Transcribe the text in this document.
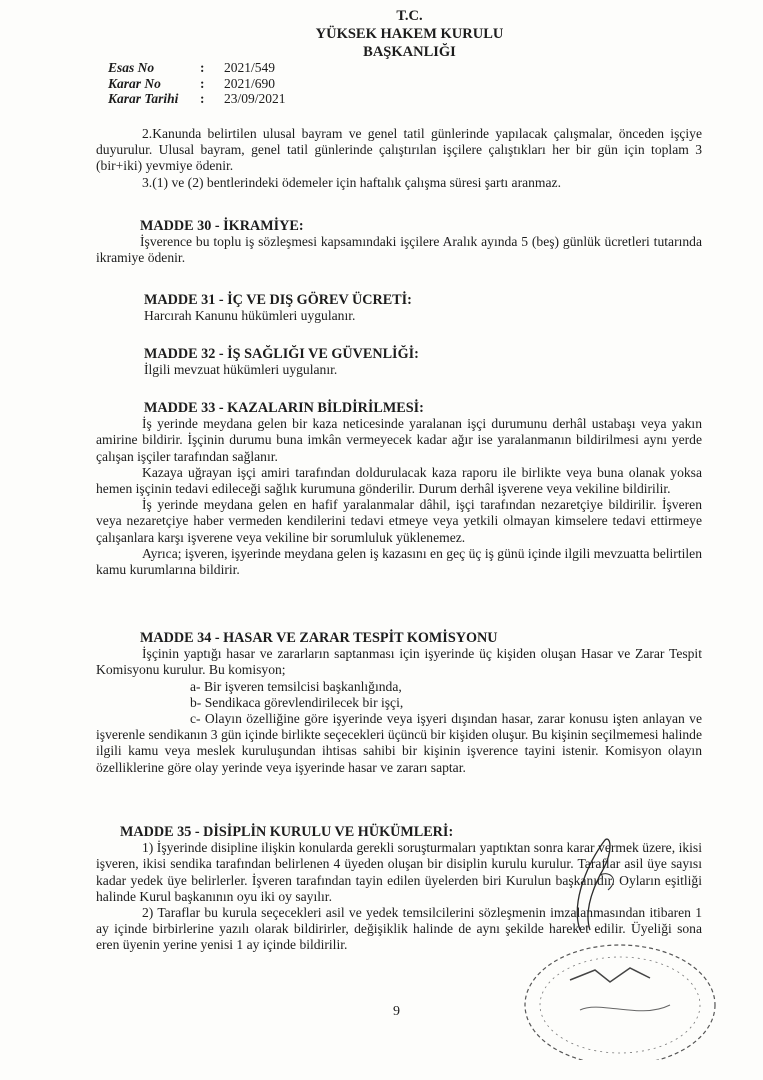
T.C.
YÜKSEK HAKEM KURULU
BAŞKANLIĞI
Esas No	:	2021/549
Karar No	:	2021/690
Karar Tarihi	:	23/09/2021

2.Kanunda belirtilen ulusal bayram ve genel tatil günlerinde yapılacak çalışmalar, önceden işçiye duyurulur. Ulusal bayram, genel tatil günlerinde çalıştırılan işçilere çalıştıkları her bir gün için toplam 3 (bir+iki) yevmiye ödenir.

3.(1) ve (2) bentlerindeki ödemeler için haftalık çalışma süresi şartı aranmaz.

MADDE 30 - İKRAMİYE:

İşverence bu toplu iş sözleşmesi kapsamındaki işçilere Aralık ayında 5 (beş) günlük ücretleri tutarında ikramiye ödenir.

MADDE 31 - İÇ VE DIŞ GÖREV ÜCRETİ:

Harcırah Kanunu hükümleri uygulanır.

MADDE 32 - İŞ SAĞLIĞI VE GÜVENLİĞİ:

İlgili mevzuat hükümleri uygulanır.

MADDE 33 - KAZALARIN BİLDİRİLMESİ:

İş yerinde meydana gelen bir kaza neticesinde yaralanan işçi durumunu derhâl ustabaşı veya yakın amirine bildirir. İşçinin durumu buna imkân vermeyecek kadar ağır ise yaralanmanın bildirilmesi aynı yerde çalışan işçiler tarafından sağlanır.

Kazaya uğrayan işçi amiri tarafından doldurulacak kaza raporu ile birlikte veya buna olanak yoksa hemen işçinin tedavi edileceği sağlık kurumuna gönderilir. Durum derhâl işverene veya vekiline bildirilir.

İş yerinde meydana gelen en hafif yaralanmalar dâhil, işçi tarafından nezaretçiye bildirilir. İşveren veya nezaretçiye haber vermeden kendilerini tedavi etmeye veya yetkili olmayan kimselere tedavi ettirmeye çalışanlara karşı işverene veya vekiline bir sorumluluk yüklenemez.

Ayrıca; işveren, işyerinde meydana gelen iş kazasını en geç üç iş günü içinde ilgili mevzuatta belirtilen kamu kurumlarına bildirir.

MADDE 34 - HASAR VE ZARAR TESPİT KOMİSYONU

İşçinin yaptığı hasar ve zararların saptanması için işyerinde üç kişiden oluşan Hasar ve Zarar Tespit Komisyonu kurulur. Bu komisyon;

a- Bir işveren temsilcisi başkanlığında,

b- Sendikaca görevlendirilecek bir işçi,

c- Olayın özelliğine göre işyerinde veya işyeri dışından hasar, zarar konusu işten anlayan ve işverenle sendikanın 3 gün içinde birlikte seçecekleri üçüncü bir kişiden oluşur. Bu kişinin seçilmemesi halinde ilgili kamu veya meslek kuruluşundan ihtisas sahibi bir kişinin işverence tayini istenir. Komisyon olayın özelliklerine göre olay yerinde veya işyerinde hasar ve zararı saptar.

MADDE 35 - DİSİPLİN KURULU VE HÜKÜMLERİ:

1) İşyerinde disipline ilişkin konularda gerekli soruşturmaları yaptıktan sonra karar vermek üzere, ikisi işveren, ikisi sendika tarafından belirlenen 4 üyeden oluşan bir disiplin kurulu kurulur. Taraflar asil üye sayısı kadar yedek üye belirlerler. İşveren tarafından tayin edilen üyelerden biri Kurulun başkanıdır. Oyların eşitliği halinde Kurul başkanının oyu iki oy sayılır.

2) Taraflar bu kurula seçecekleri asil ve yedek temsilcilerini sözleşmenin imzalanmasından itibaren 1 ay içinde birbirlerine yazılı olarak bildirirler, değişiklik halinde de aynı şekilde hareket edilir. Üyeliği sona eren üyenin yerine yenisi 1 ay içinde bildirilir.

9
